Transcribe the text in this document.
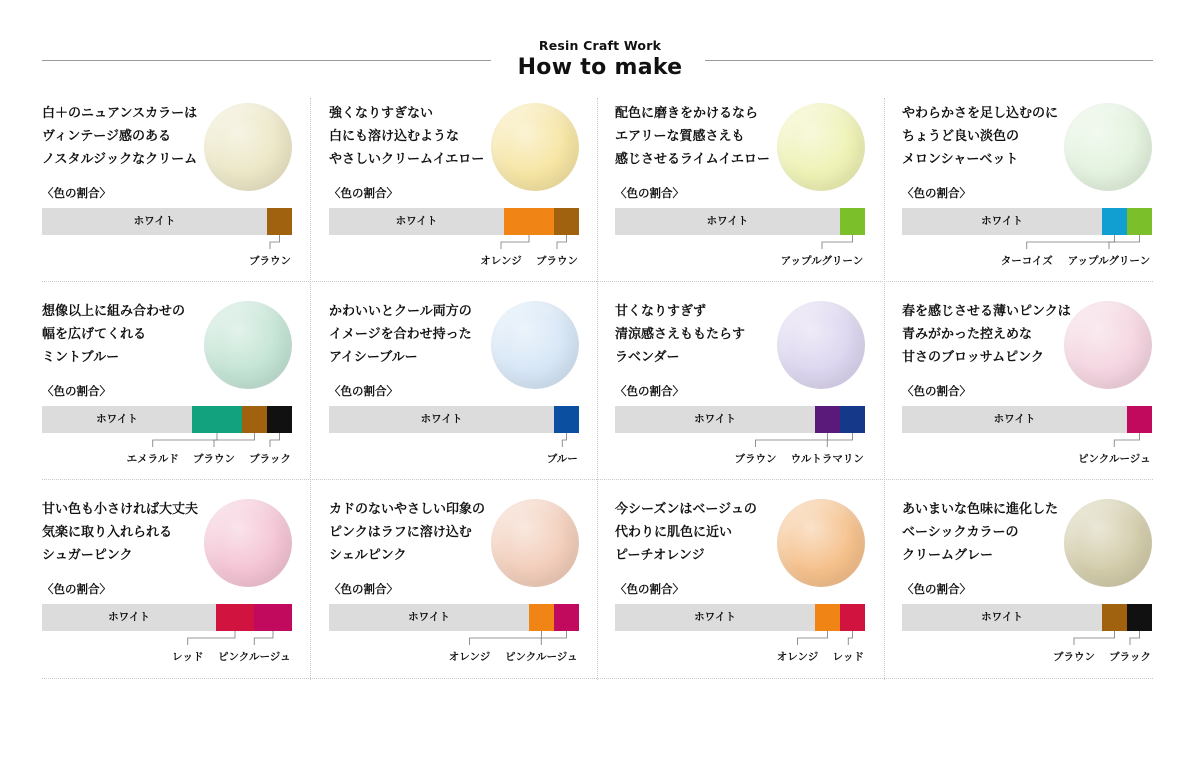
Resin Craft Work
How to make
白＋のニュアンスカラーは
ヴィンテージ感のある
ノスタルジックなクリーム
〈色の割合〉
ホワイト
ブラウン
強くなりすぎない
白にも溶け込むような
やさしいクリームイエロー
〈色の割合〉
ホワイト
オレンジ ブラウン
配色に磨きをかけるなら
エアリーな質感さえも
感じさせるライムイエロー
〈色の割合〉
ホワイト
アップルグリーン
やわらかさを足し込むのに
ちょうど良い淡色の
メロンシャーベット
〈色の割合〉
ホワイト
ターコイズ アップルグリーン
想像以上に組み合わせの
幅を広げてくれる
ミントブルー
〈色の割合〉
ホワイト
エメラルド ブラウン ブラック
かわいいとクール両方の
イメージを合わせ持った
アイシーブルー
〈色の割合〉
ホワイト
ブルー
甘くなりすぎず
清涼感さえももたらす
ラベンダー
〈色の割合〉
ホワイト
ブラウン ウルトラマリン
春を感じさせる薄いピンクは
青みがかった控えめな
甘さのブロッサムピンク
〈色の割合〉
ホワイト
ピンクルージュ
甘い色も小さければ大丈夫
気楽に取り入れられる
シュガーピンク
〈色の割合〉
ホワイト
レッド ピンクルージュ
カドのないやさしい印象の
ピンクはラフに溶け込む
シェルピンク
〈色の割合〉
ホワイト
オレンジ ピンクルージュ
今シーズンはベージュの
代わりに肌色に近い
ピーチオレンジ
〈色の割合〉
ホワイト
オレンジ レッド
あいまいな色味に進化した
ベーシックカラーの
クリームグレー
〈色の割合〉
ホワイト
ブラウン ブラック
